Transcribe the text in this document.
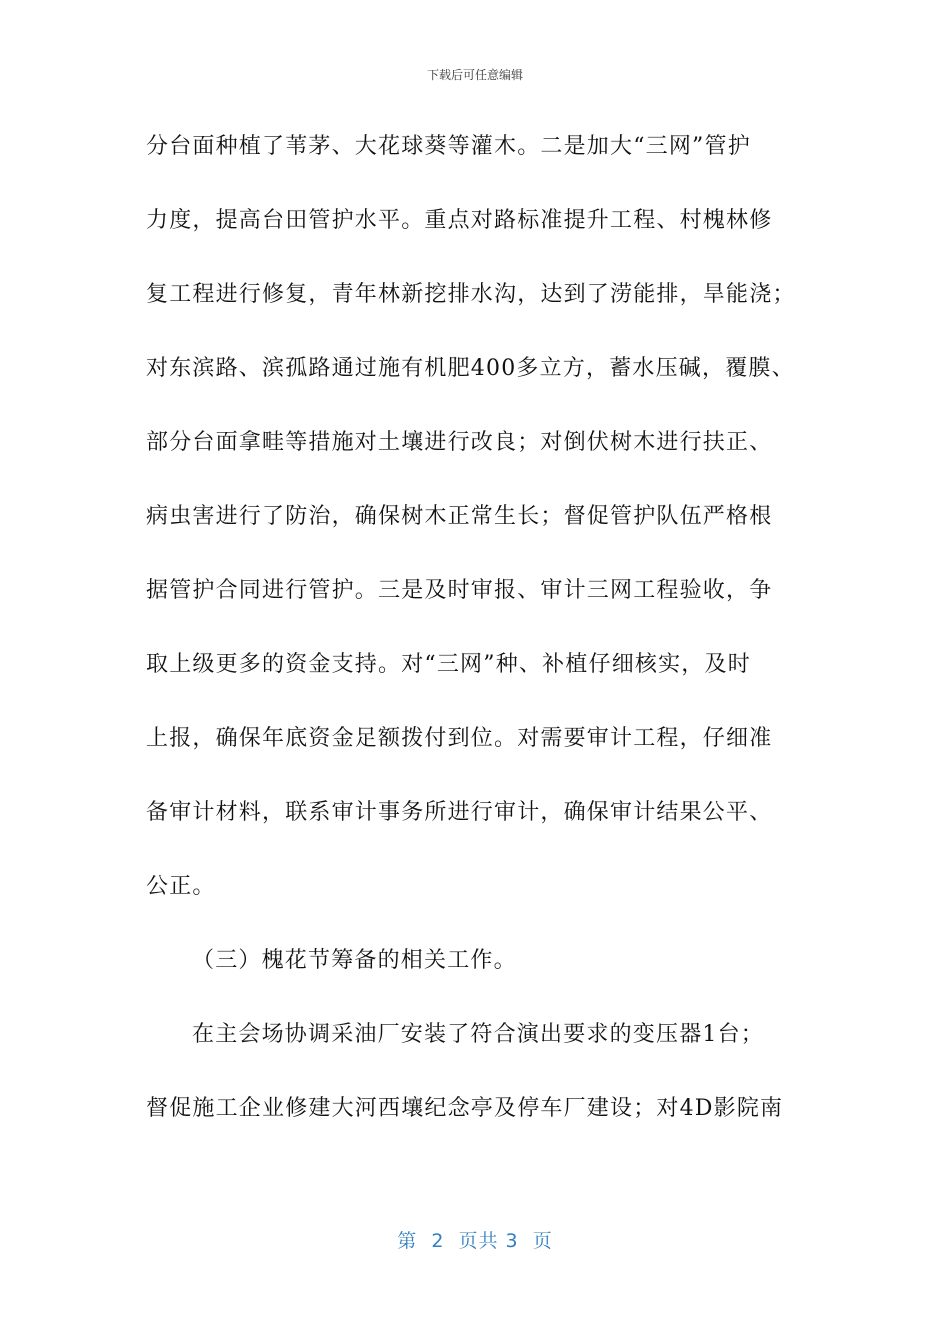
下载后可任意编辑
分台面种植了苇茅、大花球葵等灌木。二是加大“三网”管护
力度，提高台田管护水平。重点对路标准提升工程、村槐林修
复工程进行修复，青年林新挖排水沟，达到了涝能排，旱能浇；
对东滨路、滨孤路通过施有机肥400多立方，蓄水压碱，覆膜、
部分台面拿畦等措施对土壤进行改良；对倒伏树木进行扶正、
病虫害进行了防治，确保树木正常生长；督促管护队伍严格根
据管护合同进行管护。三是及时审报、审计三网工程验收，争
取上级更多的资金支持。对“三网”种、补植仔细核实，及时
上报，确保年底资金足额拨付到位。对需要审计工程，仔细准
备审计材料，联系审计事务所进行审计，确保审计结果公平、
公正。
（三）槐花节筹备的相关工作。
在主会场协调采油厂安装了符合演出要求的变压器1台；
督促施工企业修建大河西壤纪念亭及停车厂建设；对4D影院南
第  2  页共 3  页
